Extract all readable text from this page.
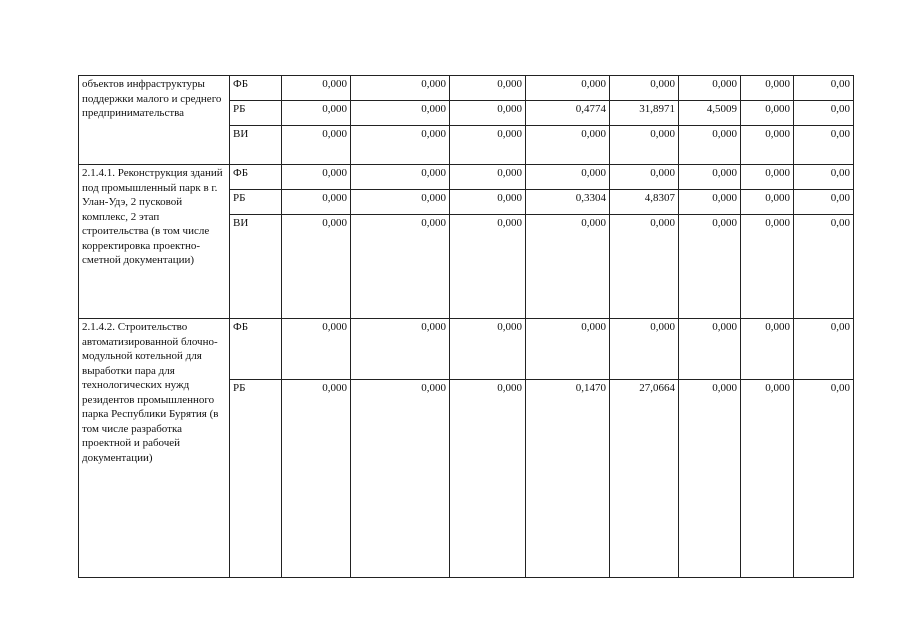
объектов инфраструктуры поддержки малого и среднего предпринимательства	ФБ	0,000	0,000	0,000	0,000	0,000	0,000	0,000	0,00
	РБ	0,000	0,000	0,000	0,4774	31,8971	4,5009	0,000	0,00
	ВИ	0,000	0,000	0,000	0,000	0,000	0,000	0,000	0,00
2.1.4.1. Реконструкция зданий под промышленный парк в г. Улан-Удэ, 2 пусковой комплекс, 2 этап строительства (в том числе корректировка проектно-сметной документации)	ФБ	0,000	0,000	0,000	0,000	0,000	0,000	0,000	0,00
	РБ	0,000	0,000	0,000	0,3304	4,8307	0,000	0,000	0,00
	ВИ	0,000	0,000	0,000	0,000	0,000	0,000	0,000	0,00
2.1.4.2. Строительство автоматизированной блочно-модульной котельной для выработки пара для технологических нужд резидентов промышленного парка Республики Бурятия (в том числе разработка проектной и рабочей документации)	ФБ	0,000	0,000	0,000	0,000	0,000	0,000	0,000	0,00
	РБ	0,000	0,000	0,000	0,1470	27,0664	0,000	0,000	0,00
